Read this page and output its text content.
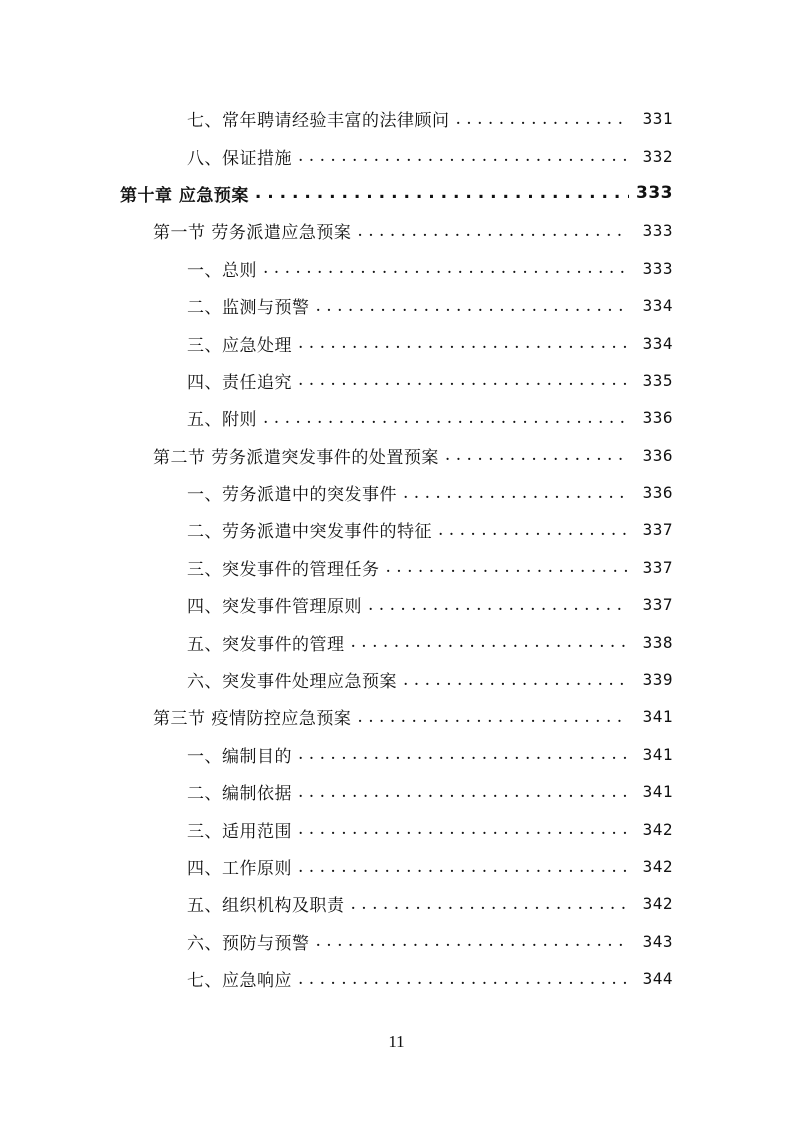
七、常年聘请经验丰富的法律顾问 . . .	331
八、保证措施 . . .	332
第十章 应急预案 . . .	333
第一节 劳务派遣应急预案 . . .	333
一、总则 . . .	333
二、监测与预警 . . .	334
三、应急处理 . . .	334
四、责任追究 . . .	335
五、附则 . . .	336
第二节 劳务派遣突发事件的处置预案 . . .	336
一、劳务派遣中的突发事件 . . .	336
二、劳务派遣中突发事件的特征 . . .	337
三、突发事件的管理任务 . . .	337
四、突发事件管理原则 . . .	337
五、突发事件的管理 . . .	338
六、突发事件处理应急预案 . . .	339
第三节 疫情防控应急预案 . . .	341
一、编制目的 . . .	341
二、编制依据 . . .	341
三、适用范围 . . .	342
四、工作原则 . . .	342
五、组织机构及职责 . . .	342
六、预防与预警 . . .	343
七、应急响应 . . .	344
11
